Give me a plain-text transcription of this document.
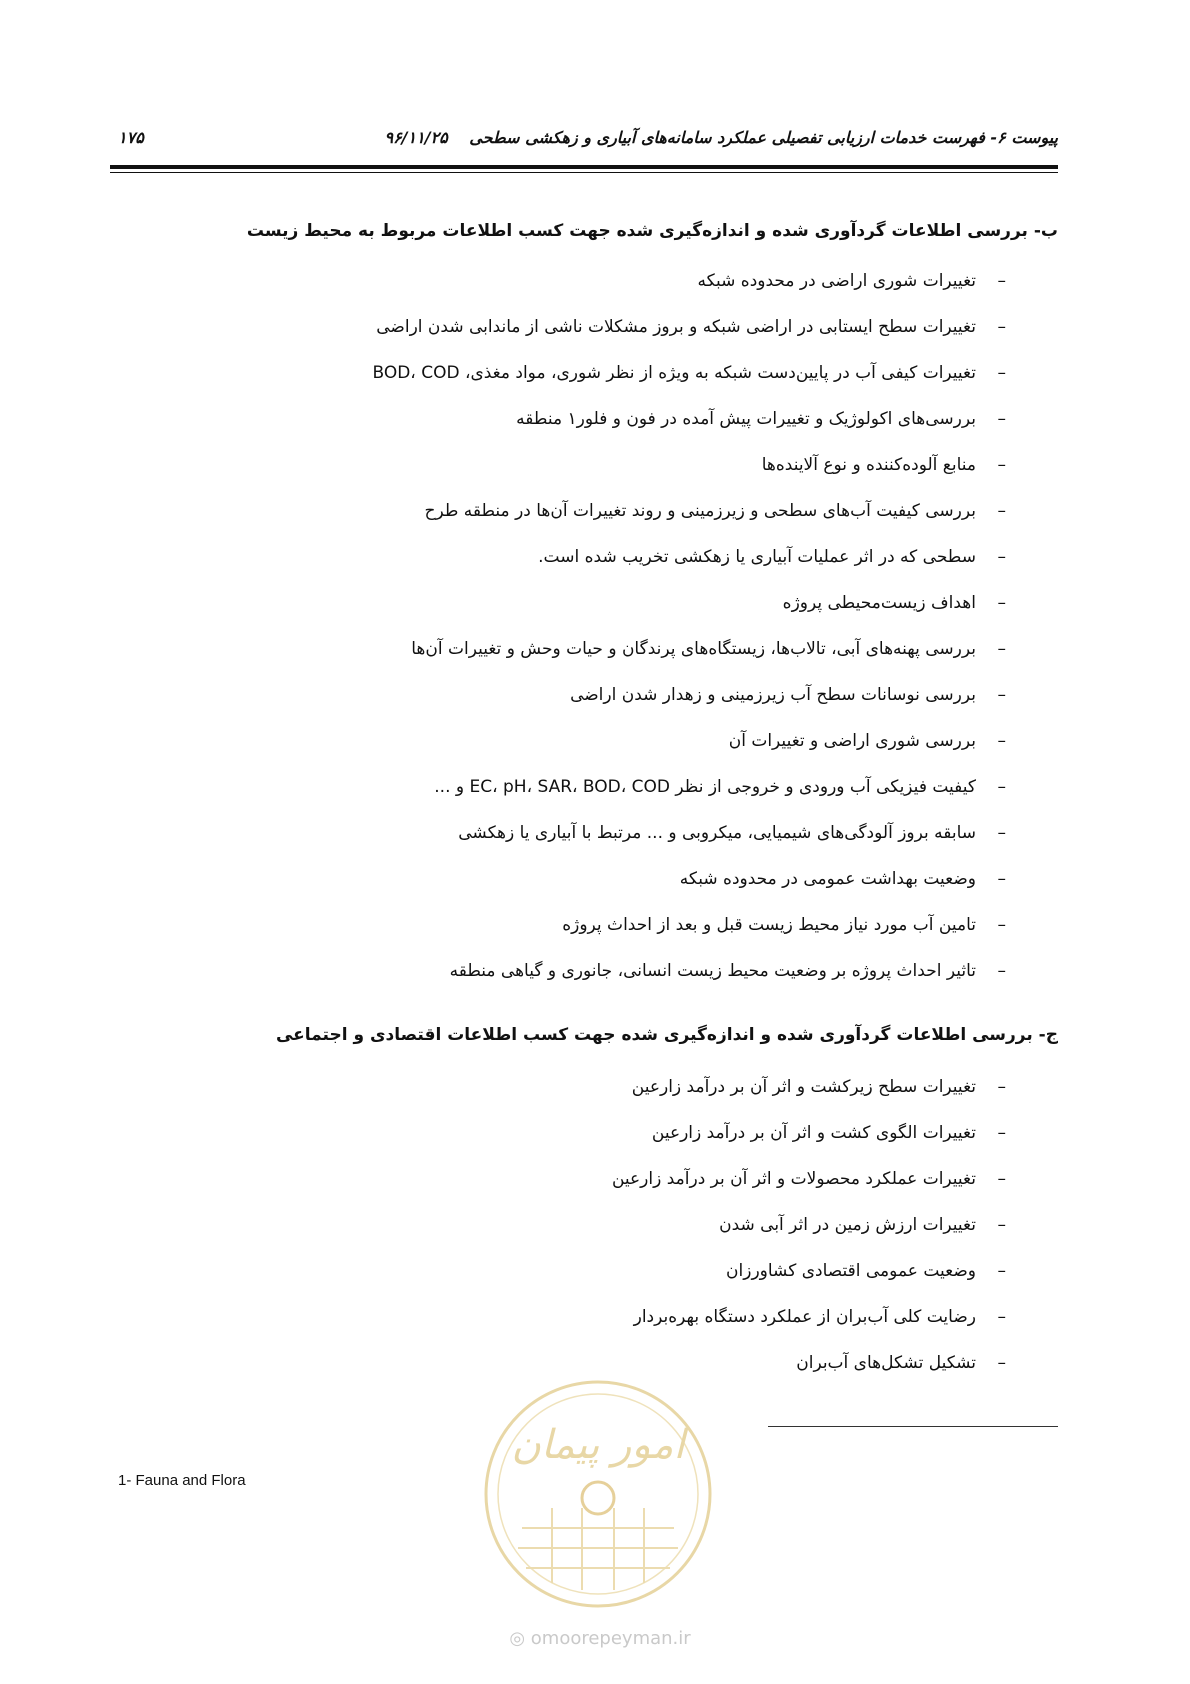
پیوست ۶- فهرست خدمات ارزیابی تفصیلی عملکرد سامانه‌های آبیاری و زهکشی سطحی ۹۶/۱۱/۲۵
۱۷۵
ب- بررسی اطلاعات گردآوری شده و اندازه‌گیری شده جهت کسب اطلاعات مربوط به محیط زیست
–
تغییرات شوری اراضی در محدوده شبکه
–
تغییرات سطح ایستابی در اراضی شبکه و بروز مشکلات ناشی از ماندابی شدن اراضی
–
تغییرات کیفی آب در پایین‌دست شبکه به ویژه از نظر شوری، مواد مغذی، BOD، COD
–
بررسی‌های اکولوژیک و تغییرات پیش آمده در فون و فلور۱ منطقه
–
منابع آلوده‌کننده و نوع آلاینده‌ها
–
بررسی کیفیت آب‌های سطحی و زیرزمینی و روند تغییرات آن‌ها در منطقه طرح
–
سطحی که در اثر عملیات آبیاری یا زهکشی تخریب شده است.
–
اهداف زیست‌محیطی پروژه
–
بررسی پهنه‌های آبی، تالاب‌ها، زیستگاه‌های پرندگان و حیات وحش و تغییرات آن‌ها
–
بررسی نوسانات سطح آب زیرزمینی و زهدار شدن اراضی
–
بررسی شوری اراضی و تغییرات آن
–
کیفیت فیزیکی آب ورودی و خروجی از نظر EC، pH، SAR، BOD، COD و ...
–
سابقه بروز آلودگی‌های شیمیایی، میکروبی و ... مرتبط با آبیاری یا زهکشی
–
وضعیت بهداشت عمومی در محدوده شبکه
–
تامین آب مورد نیاز محیط زیست قبل و بعد از احداث پروژه
–
تاثیر احداث پروژه بر وضعیت محیط زیست انسانی، جانوری و گیاهی منطقه
ج- بررسی اطلاعات گردآوری شده و اندازه‌گیری شده جهت کسب اطلاعات اقتصادی و اجتماعی
–
تغییرات سطح زیرکشت و اثر آن بر درآمد زارعین
–
تغییرات الگوی کشت و اثر آن بر درآمد زارعین
–
تغییرات عملکرد محصولات و اثر آن بر درآمد زارعین
–
تغییرات ارزش زمین در اثر آبی شدن
–
وضعیت عمومی اقتصادی کشاورزان
–
رضایت کلی آب‌بران از عملکرد دستگاه بهره‌بردار
–
تشکیل تشکل‌های آب‌بران
1- Fauna and Flora
امور پیمان
◎ omoorepeyman.ir
